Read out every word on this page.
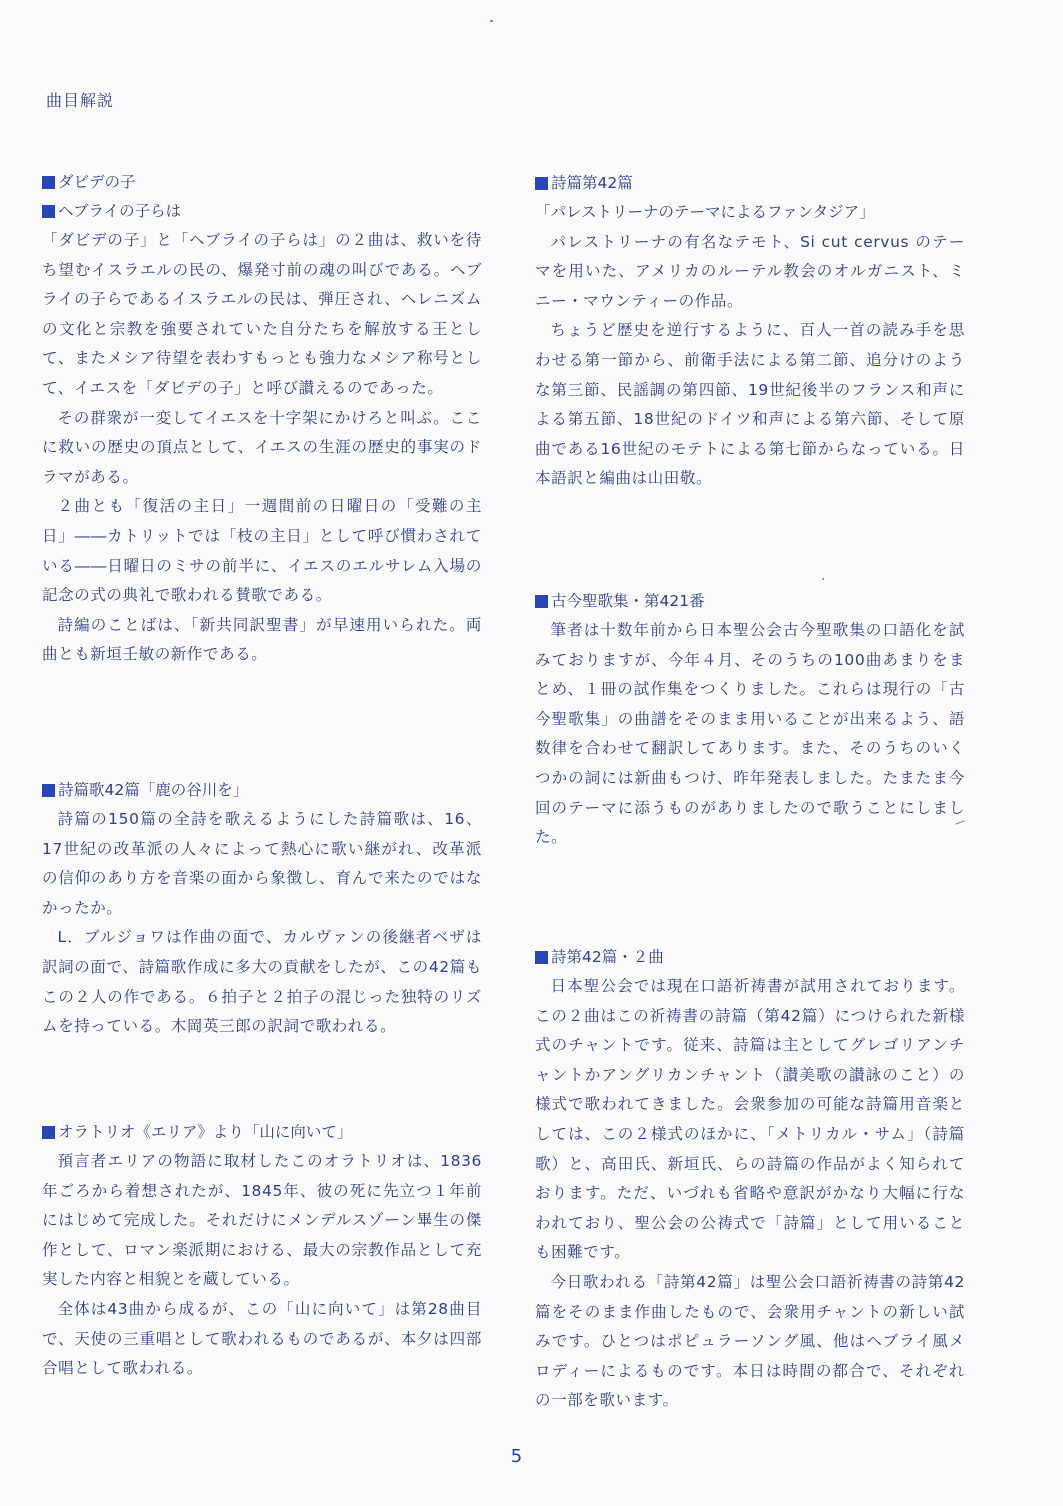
曲目解説
ダビデの子
ヘブライの子らは

「ダビデの子」と「ヘブライの子らは」の２曲は、救いを待ち望むイスラエルの民の、爆発寸前の魂の叫びである。ヘブライの子らであるイスラエルの民は、弾圧され、ヘレニズムの文化と宗教を強要されていた自分たちを解放する王として、またメシア待望を表わすもっとも強力なメシア称号として、イエスを「ダビデの子」と呼び讃えるのであった。

その群衆が一変してイエスを十字架にかけろと叫ぶ。ここに救いの歴史の頂点として、イエスの生涯の歴史的事実のドラマがある。

２曲とも「復活の主日」一週間前の日曜日の「受難の主日」――カトリットでは「枝の主日」として呼び慣わされている――日曜日のミサの前半に、イエスのエルサレム入場の記念の式の典礼で歌われる賛歌である。

詩編のことばは、「新共同訳聖書」が早速用いられた。両曲とも新垣壬敏の新作である。

詩篇歌42篇「鹿の谷川を」

詩篇の150篇の全詩を歌えるようにした詩篇歌は、16、17世紀の改革派の人々によって熱心に歌い継がれ、改革派の信仰のあり方を音楽の面から象徴し、育んで来たのではなかったか。

L．ブルジョワは作曲の面で、カルヴァンの後継者ベザは訳詞の面で、詩篇歌作成に多大の貢献をしたが、この42篇もこの２人の作である。６拍子と２拍子の混じった独特のリズムを持っている。木岡英三郎の訳詞で歌われる。

オラトリオ《エリア》より「山に向いて」

預言者エリアの物語に取材したこのオラトリオは、1836年ごろから着想されたが、1845年、彼の死に先立つ１年前にはじめて完成した。それだけにメンデルスゾーン畢生の傑作として、ロマン楽派期における、最大の宗教作品として充実した内容と相貌とを蔵している。

全体は43曲から成るが、この「山に向いて」は第28曲目で、天使の三重唱として歌われるものであるが、本夕は四部合唱として歌われる。

詩篇第42篇
「パレストリーナのテーマによるファンタジア」

パレストリーナの有名なテモト、Si cut cervus のテーマを用いた、アメリカのルーテル教会のオルガニスト、ミニー・マウンティーの作品。

ちょうど歴史を逆行するように、百人一首の読み手を思わせる第一節から、前衛手法による第二節、追分けのような第三節、民謡調の第四節、19世紀後半のフランス和声による第五節、18世紀のドイツ和声による第六節、そして原曲である16世紀のモテトによる第七節からなっている。日本語訳と編曲は山田敬。

古今聖歌集・第421番

筆者は十数年前から日本聖公会古今聖歌集の口語化を試みておりますが、今年４月、そのうちの100曲あまりをまとめ、１冊の試作集をつくりました。これらは現行の「古今聖歌集」の曲譜をそのまま用いることが出来るよう、語数律を合わせて翻訳してあります。また、そのうちのいくつかの詞には新曲もつけ、昨年発表しました。たまたま今回のテーマに添うものがありましたので歌うことにしました。

詩第42篇・２曲

日本聖公会では現在口語祈祷書が試用されております。この２曲はこの祈祷書の詩篇（第42篇）につけられた新様式のチャントです。従来、詩篇は主としてグレゴリアンチャントかアングリカンチャント（讃美歌の讃詠のこと）の様式で歌われてきました。会衆参加の可能な詩篇用音楽としては、この２様式のほかに、「メトリカル・サム」（詩篇歌）と、高田氏、新垣氏、らの詩篇の作品がよく知られております。ただ、いづれも省略や意訳がかなり大幅に行なわれており、聖公会の公祷式で「詩篇」として用いることも困難です。

今日歌われる「詩第42篇」は聖公会口語祈祷書の詩第42篇をそのまま作曲したもので、会衆用チャントの新しい試みです。ひとつはポピュラーソング風、他はヘブライ風メロディーによるものです。本日は時間の都合で、それぞれの一部を歌います。

5
